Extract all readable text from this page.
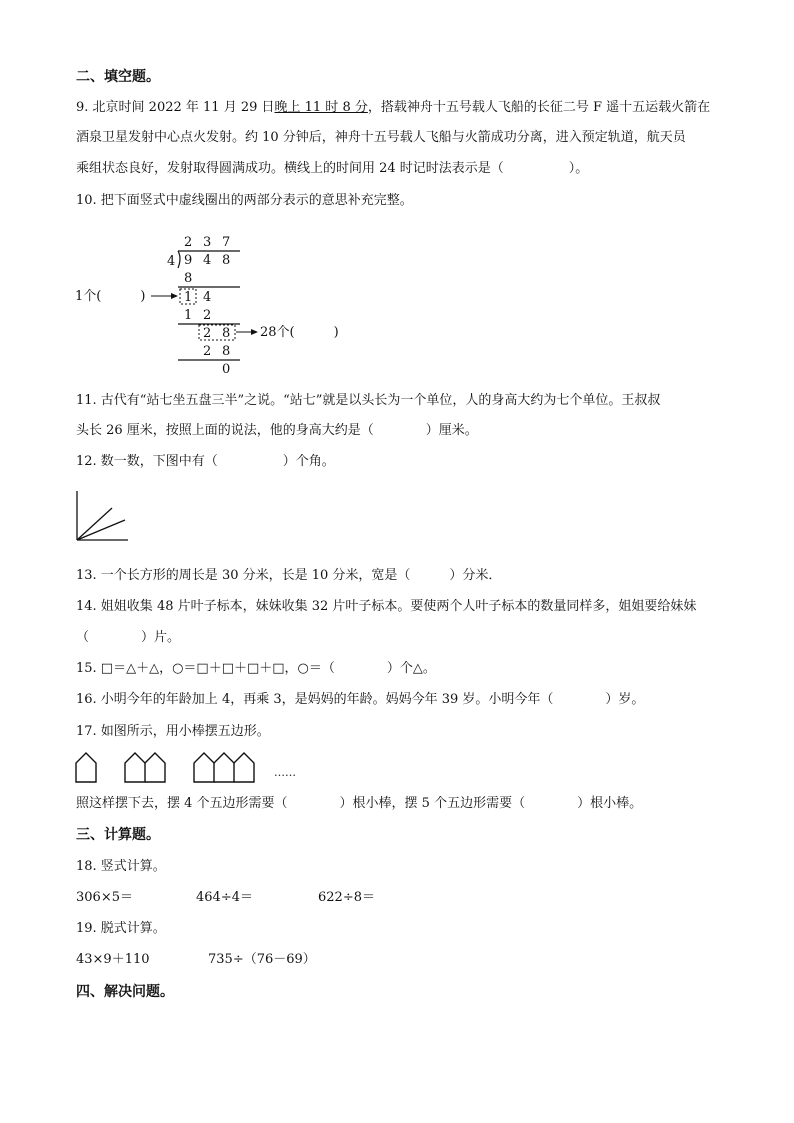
二、填空题。
9. 北京时间 2022 年 11 月 29 日晚上 11 时 8 分，搭载神舟十五号载人飞船的长征二号 F 遥十五运载火箭在
酒泉卫星发射中心点火发射。约 10 分钟后，神舟十五号载人飞船与火箭成功分离，进入预定轨道，航天员
乘组状态良好，发射取得圆满成功。横线上的时间用 24 时记时法表示是（　　　　　）。
10. 把下面竖式中虚线圈出的两部分表示的意思补充完整。
2 3 7
4 9 4 8
8
1 4
1 2
2 8
2 8
0
1个(　　　)
28个(　　　)
11. 古代有“站七坐五盘三半”之说。“站七”就是以头长为一个单位，人的身高大约为七个单位。王叔叔
头长 26 厘米，按照上面的说法，他的身高大约是（　　　　）厘米。
12. 数一数，下图中有（　　　　　）个角。
13. 一个长方形的周长是 30 分米，长是 10 分米，宽是（　　　）分米．
14. 姐姐收集 48 片叶子标本，妹妹收集 32 片叶子标本。要使两个人叶子标本的数量同样多，姐姐要给妹妹
（　　　　）片。
15. □＝△＋△，○＝□＋□＋□＋□，○＝（　　　　）个△。
16. 小明今年的年龄加上 4，再乘 3，是妈妈的年龄。妈妈今年 39 岁。小明今年（　　　　）岁。
17. 如图所示，用小棒摆五边形。
……
照这样摆下去，摆 4 个五边形需要（　　　　）根小棒，摆 5 个五边形需要（　　　　）根小棒。
三、计算题。
18. 竖式计算。
306×5＝	464÷4＝	622÷8＝
19. 脱式计算。
43×9＋110	735÷（76－69）
四、解决问题。
